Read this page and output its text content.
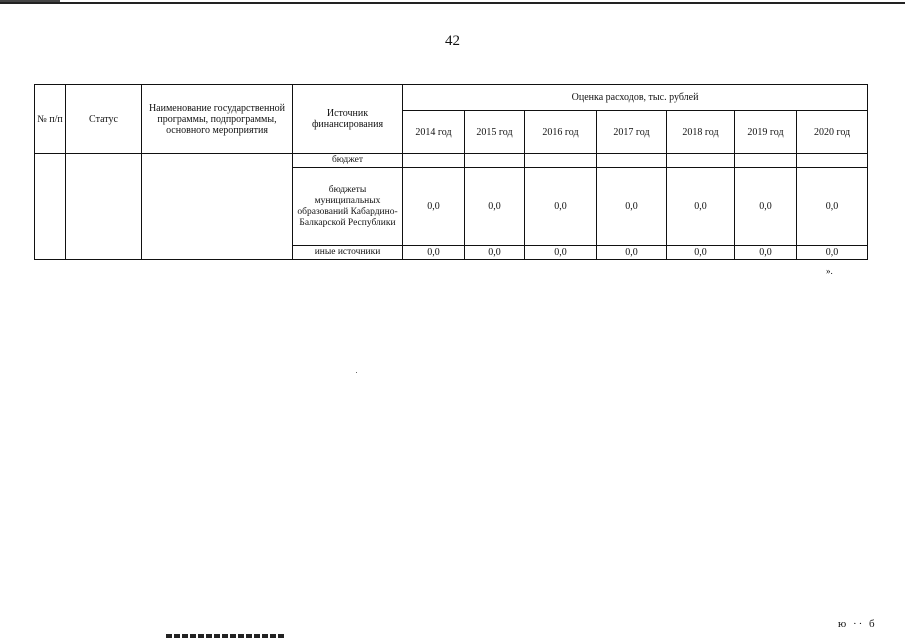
42
№ п/п	Статус	Наименование государственной программы, подпрограммы, основного мероприятия	Источник финансирования	Оценка расходов, тыс. рублей						
				2014 год	2015 год	2016 год	2017 год	2018 год	2019 год	2020 год
			бюджет							
			бюджеты муниципальных образований Кабардино-Балкарской Республики	0,0	0,0	0,0	0,0	0,0	0,0	0,0
			иные источники	0,0	0,0	0,0	0,0	0,0	0,0	0,0
».
ю ·· б
